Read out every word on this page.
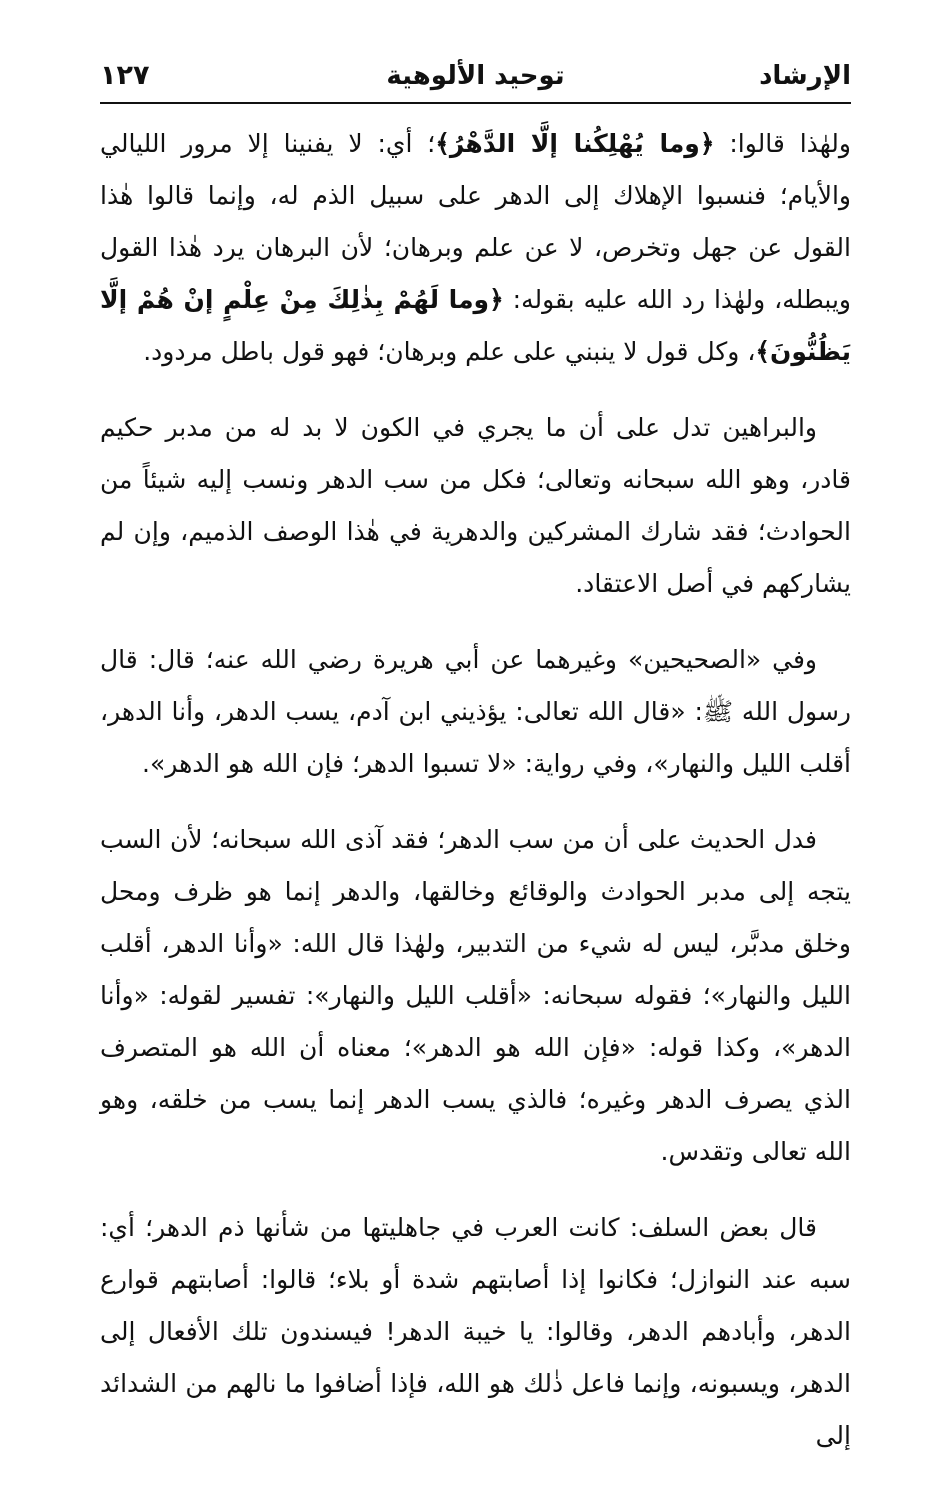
الإرشاد
توحيد الألوهية
١٢٧

ولهٰذا قالوا: ﴿وما يُهْلِكُنا إلَّا الدَّهْرُ﴾؛ أي: لا يفنينا إلا مرور الليالي والأيام؛ فنسبوا الإهلاك إلى الدهر على سبيل الذم له، وإنما قالوا هٰذا القول عن جهل وتخرص، لا عن علم وبرهان؛ لأن البرهان يرد هٰذا القول ويبطله، ولهٰذا رد الله عليه بقوله: ﴿وما لَهُمْ بِذٰلِكَ مِنْ عِلْمٍ إنْ هُمْ إلَّا يَظُنُّونَ﴾، وكل قول لا ينبني على علم وبرهان؛ فهو قول باطل مردود.

والبراهين تدل على أن ما يجري في الكون لا بد له من مدبر حكيم قادر، وهو الله سبحانه وتعالى؛ فكل من سب الدهر ونسب إليه شيئاً من الحوادث؛ فقد شارك المشركين والدهرية في هٰذا الوصف الذميم، وإن لم يشاركهم في أصل الاعتقاد.

وفي «الصحيحين» وغيرهما عن أبي هريرة رضي الله عنه؛ قال: قال رسول الله ﷺ: «قال الله تعالى: يؤذيني ابن آدم، يسب الدهر، وأنا الدهر، أقلب الليل والنهار»، وفي رواية: «لا تسبوا الدهر؛ فإن الله هو الدهر».

فدل الحديث على أن من سب الدهر؛ فقد آذى الله سبحانه؛ لأن السب يتجه إلى مدبر الحوادث والوقائع وخالقها، والدهر إنما هو ظرف ومحل وخلق مدبَّر، ليس له شيء من التدبير، ولهٰذا قال الله: «وأنا الدهر، أقلب الليل والنهار»؛ فقوله سبحانه: «أقلب الليل والنهار»: تفسير لقوله: «وأنا الدهر»، وكذا قوله: «فإن الله هو الدهر»؛ معناه أن الله هو المتصرف الذي يصرف الدهر وغيره؛ فالذي يسب الدهر إنما يسب من خلقه، وهو الله تعالى وتقدس.

قال بعض السلف: كانت العرب في جاهليتها من شأنها ذم الدهر؛ أي: سبه عند النوازل؛ فكانوا إذا أصابتهم شدة أو بلاء؛ قالوا: أصابتهم قوارع الدهر، وأبادهم الدهر، وقالوا: يا خيبة الدهر! فيسندون تلك الأفعال إلى الدهر، ويسبونه، وإنما فاعل ذٰلك هو الله، فإذا أضافوا ما نالهم من الشدائد إلى
